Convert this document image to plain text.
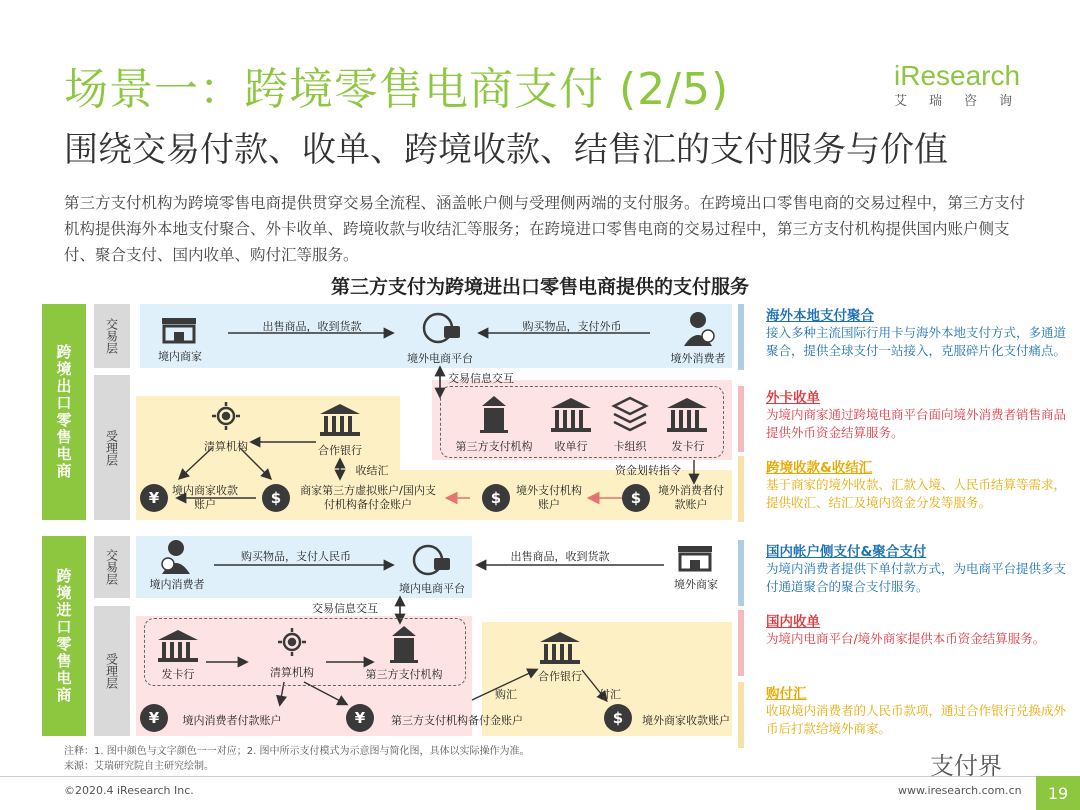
场景一：跨境零售电商支付 (2/5)
围绕交易付款、收单、跨境收款、结售汇的支付服务与价值
iResearch
艾瑞咨询
第三方支付机构为跨境零售电商提供贯穿交易全流程、涵盖帐户侧与受理侧两端的支付服务。在跨境出口零售电商的交易过程中，第三方支付机构提供海外本地支付聚合、外卡收单、跨境收款与收结汇等服务；在跨境进口零售电商的交易过程中，第三方支付机构提供国内账户侧支付、聚合支付、国内收单、购付汇等服务。
第三方支付为跨境进出口零售电商提供的支付服务
跨境出口零售电商
交易层
受理层
境内商家	境外电商平台	境外消费者
出售商品，收到货款	购买物品，支付外币
交易信息交互
第三方支付机构	收单行	卡组织	发卡行
清算机构	合作银行
收结汇	资金划转指令
¥	境内商家收款账户	$	商家第三方虚拟账户/国内支付机构备付金账户	$	境外支付机构账户	$	境外消费者付款账户
跨境进口零售电商
交易层
受理层
境内消费者	境内电商平台	境外商家
购买物品，支付人民币	出售商品，收到货款
交易信息交互
发卡行	清算机构	第三方支付机构	合作银行
购汇	付汇
¥	境内消费者付款账户	¥	第三方支付机构备付金账户	$	境外商家收款账户
海外本地支付聚合
接入多种主流国际行用卡与海外本地支付方式，多通道聚合，提供全球支付一站接入，克服碎片化支付痛点。
外卡收单
为境内商家通过跨境电商平台面向境外消费者销售商品提供外币资金结算服务。
跨境收款&收结汇
基于商家的境外收款、汇款入境、人民币结算等需求，提供收汇、结汇及境内资金分发等服务。
国内帐户侧支付&聚合支付
为境内消费者提供下单付款方式，为电商平台提供多支付通道聚合的聚合支付服务。
国内收单
为境内电商平台/境外商家提供本币资金结算服务。
购付汇
收取境内消费者的人民币款项，通过合作银行兑换成外币后打款给境外商家。
注释：1. 图中颜色与文字颜色一一对应；2. 图中所示支付模式为示意图与简化图，具体以实际操作为准。
来源：艾瑞研究院自主研究绘制。
©2020.4 iResearch Inc.	www.iresearch.com.cn
支付界
19
